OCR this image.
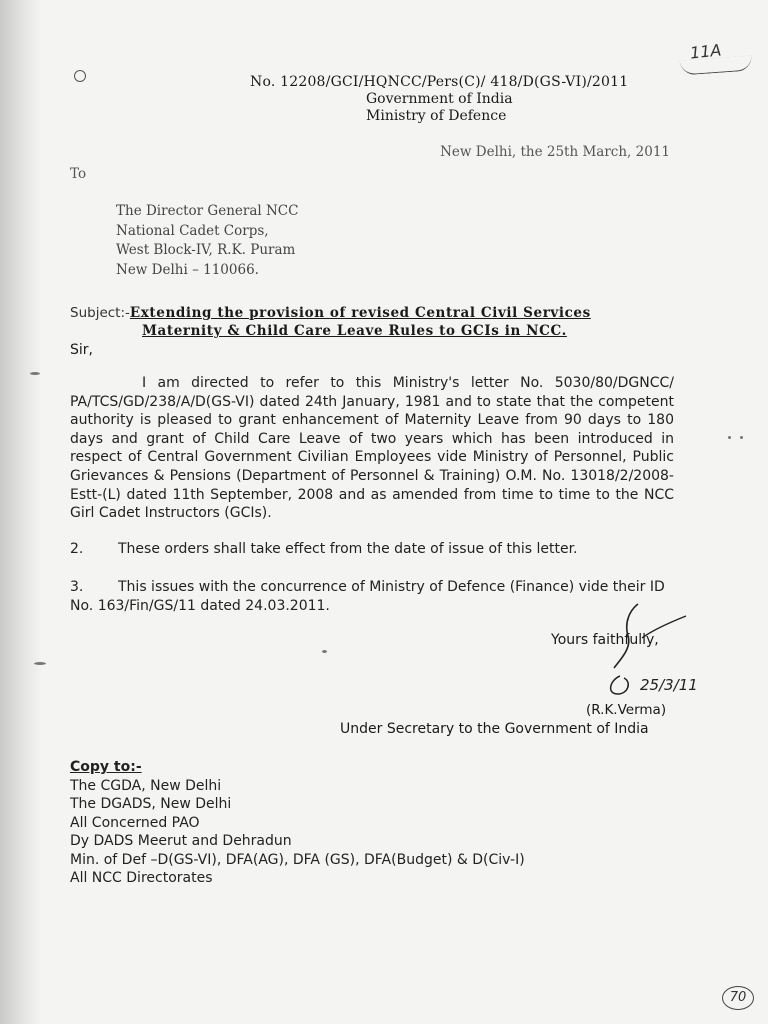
11A
No. 12208/GCI/HQNCC/Pers(C)/ 418/D(GS-VI)/2011
Government of India
Ministry of Defence
New Delhi, the 25th March, 2011
To
The Director General NCC
National Cadet Corps,
West Block-IV, R.K. Puram
New Delhi – 110066.
Subject:-Extending the provision of revised Central Civil Services
Maternity & Child Care Leave Rules to GCIs in NCC.
Sir,
I am directed to refer to this Ministry's letter No. 5030/80/DGNCC/ PA/TCS/GD/238/A/D(GS-VI) dated 24th January, 1981 and to state that the competent authority is pleased to grant enhancement of Maternity Leave from 90 days to 180 days and grant of Child Care Leave of two years which has been introduced in respect of Central Government Civilian Employees vide Ministry of Personnel, Public Grievances & Pensions (Department of Personnel & Training) O.M. No. 13018/2/2008-Estt-(L) dated 11th September, 2008 and as amended from time to time to the NCC Girl Cadet Instructors (GCIs).
2. These orders shall take effect from the date of issue of this letter.
3. This issues with the concurrence of Ministry of Defence (Finance) vide their ID No. 163/Fin/GS/11 dated 24.03.2011.
Yours faithfully,
25/3/11
(R.K.Verma)
Under Secretary to the Government of India
Copy to:-
The CGDA, New Delhi
The DGADS, New Delhi
All Concerned PAO
Dy DADS Meerut and Dehradun
Min. of Def –D(GS-VI), DFA(AG), DFA (GS), DFA(Budget) & D(Civ-I)
All NCC Directorates
70
